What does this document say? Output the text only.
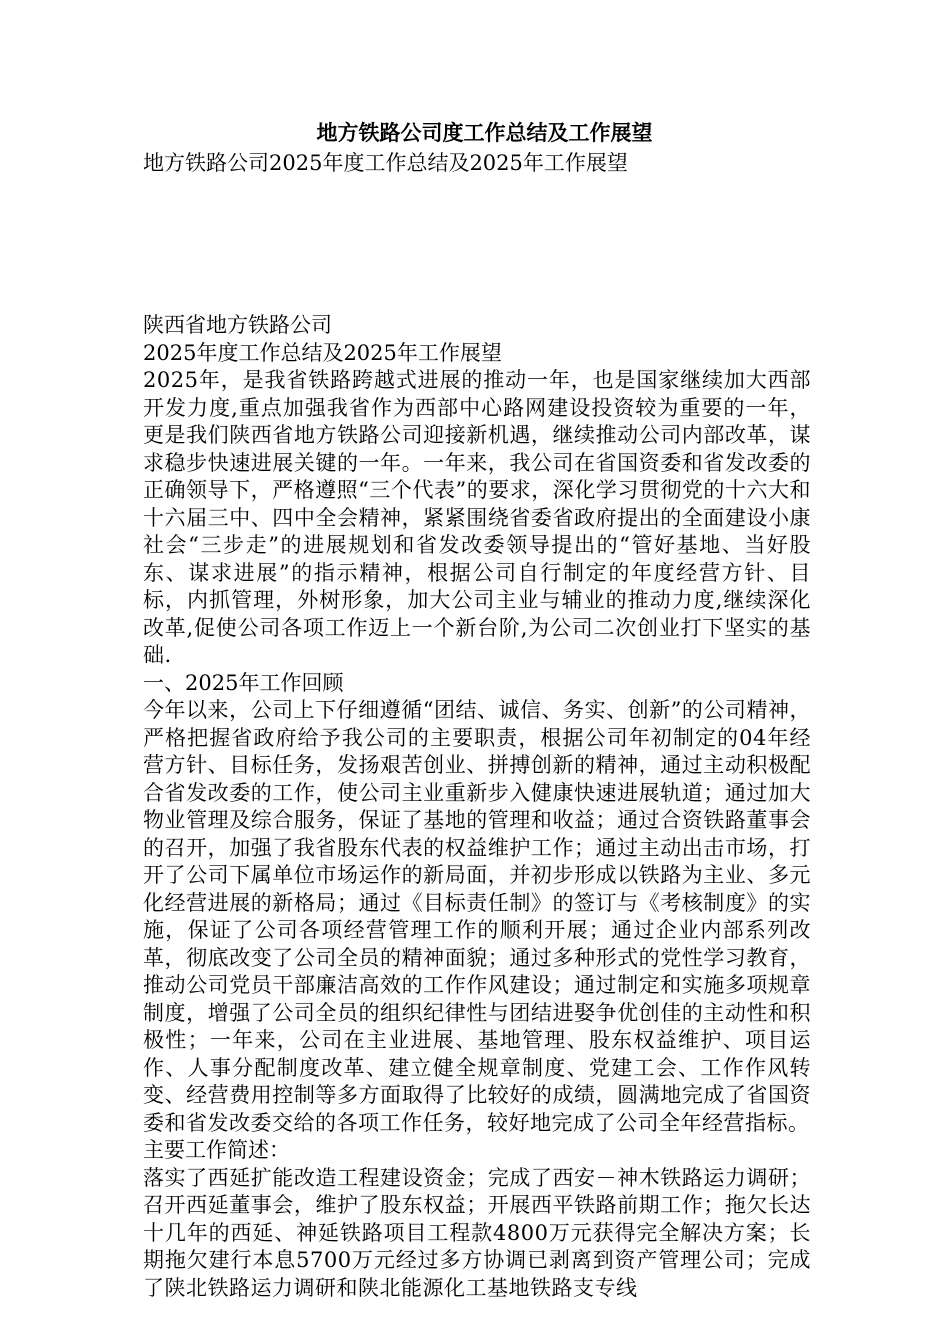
地方铁路公司度工作总结及工作展望

地方铁路公司2025年度工作总结及2025年工作展望

陕西省地方铁路公司

2025年度工作总结及2025年工作展望

2025年，是我省铁路跨越式进展的推动一年，也是国家继续加大西部开发力度,重点加强我省作为西部中心路网建设投资较为重要的一年，更是我们陕西省地方铁路公司迎接新机遇，继续推动公司内部改革，谋求稳步快速进展关键的一年。一年来，我公司在省国资委和省发改委的正确领导下，严格遵照“三个代表”的要求，深化学习贯彻党的十六大和十六届三中、四中全会精神，紧紧围绕省委省政府提出的全面建设小康社会“三步走”的进展规划和省发改委领导提出的“管好基地、当好股东、谋求进展”的指示精神，根据公司自行制定的年度经营方针、目标，内抓管理，外树形象，加大公司主业与辅业的推动力度,继续深化改革,促使公司各项工作迈上一个新台阶,为公司二次创业打下坚实的基础.

一、2025年工作回顾

今年以来，公司上下仔细遵循“团结、诚信、务实、创新”的公司精神，严格把握省政府给予我公司的主要职责，根据公司年初制定的04年经营方针、目标任务，发扬艰苦创业、拼搏创新的精神，通过主动积极配合省发改委的工作，使公司主业重新步入健康快速进展轨道；通过加大物业管理及综合服务，保证了基地的管理和收益；通过合资铁路董事会的召开，加强了我省股东代表的权益维护工作；通过主动出击市场，打开了公司下属单位市场运作的新局面，并初步形成以铁路为主业、多元化经营进展的新格局；通过《目标责任制》的签订与《考核制度》的实施，保证了公司各项经营管理工作的顺利开展；通过企业内部系列改革，彻底改变了公司全员的精神面貌；通过多种形式的党性学习教育，推动公司党员干部廉洁高效的工作作风建设；通过制定和实施多项规章制度，增强了公司全员的组织纪律性与团结进娶争优创佳的主动性和积极性；一年来，公司在主业进展、基地管理、股东权益维护、项目运作、人事分配制度改革、建立健全规章制度、党建工会、工作作风转变、经营费用控制等多方面取得了比较好的成绩，圆满地完成了省国资委和省发改委交给的各项工作任务，较好地完成了公司全年经营指标。

主要工作简述：

落实了西延扩能改造工程建设资金；完成了西安－神木铁路运力调研；召开西延董事会，维护了股东权益；开展西平铁路前期工作；拖欠长达十几年的西延、神延铁路项目工程款4800万元获得完全解决方案；长期拖欠建行本息5700万元经过多方协调已剥离到资产管理公司；完成了陕北铁路运力调研和陕北能源化工基地铁路支专线
